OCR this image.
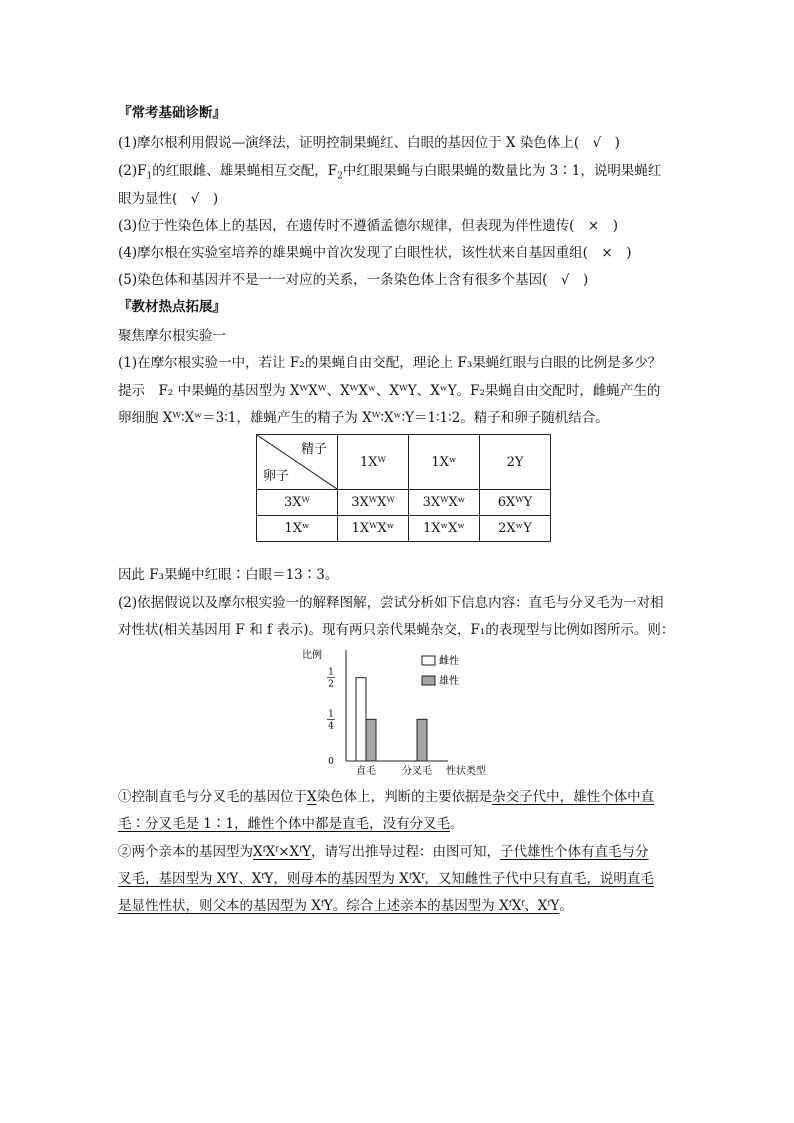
『常考基础诊断』
(1)摩尔根利用假说—演绎法，证明控制果蝇红、白眼的基因位于 X 染色体上(　√　)
$(2)F_1$的红眼雌、雄果蝇相互交配，$F_2$中红眼果蝇与白眼果蝇的数量比为 3∶1，说明果蝇红
眼为显性(　√　)
(3)位于性染色体上的基因，在遗传时不遵循孟德尔规律，但表现为伴性遗传(　×　)
(4)摩尔根在实验室培养的雄果蝇中首次发现了白眼性状，该性状来自基因重组(　×　)
(5)染色体和基因并不是一一对应的关系，一条染色体上含有很多个基因(　√　)
『教材热点拓展』
聚焦摩尔根实验一
(1)在摩尔根实验一中，若让 F₂的果蝇自由交配，理论上 F₃果蝇红眼与白眼的比例是多少？
提示　F₂ 中果蝇的基因型为 XᵂXᵂ、XᵂXʷ、XᵂY、XʷY。F₂果蝇自由交配时，雌蝇产生的
卵细胞 Xᵂ∶Xʷ＝3∶1，雄蝇产生的精子为 Xᵂ∶Xʷ∶Y＝1∶1∶2。精子和卵子随机结合。
精子
卵子	1Xᵂ	1Xʷ	2Y
3Xᵂ	3XᵂXᵂ	3XᵂXʷ	6XᵂY
1Xʷ	1XᵂXʷ	1XʷXʷ	2XʷY
因此 F₃果蝇中红眼∶白眼＝13∶3。
(2)依据假说以及摩尔根实验一的解释图解，尝试分析如下信息内容：直毛与分叉毛为一对相
对性状(相关基因用 F 和 f 表示)。现有两只亲代果蝇杂交，F₁的表现型与比例如图所示。则：
比例
性状类型
0
1
4
1
2
直毛	分叉毛
雌性
雄性
①控制直毛与分叉毛的基因位于X染色体上，判断的主要依据是杂交子代中，雄性个体中直
毛∶分叉毛是 1∶1，雌性个体中都是直毛，没有分叉毛。
②两个亲本的基因型为XᶠXᶠ×XᶠY，请写出推导过程：由图可知，子代雄性个体有直毛与分
叉毛，基因型为 XᶠY、XᶠY，则母本的基因型为 XᶠXᶠ，又知雌性子代中只有直毛，说明直毛
是显性性状，则父本的基因型为 XᶠY。综合上述亲本的基因型为 XᶠXᶠ、XᶠY。
